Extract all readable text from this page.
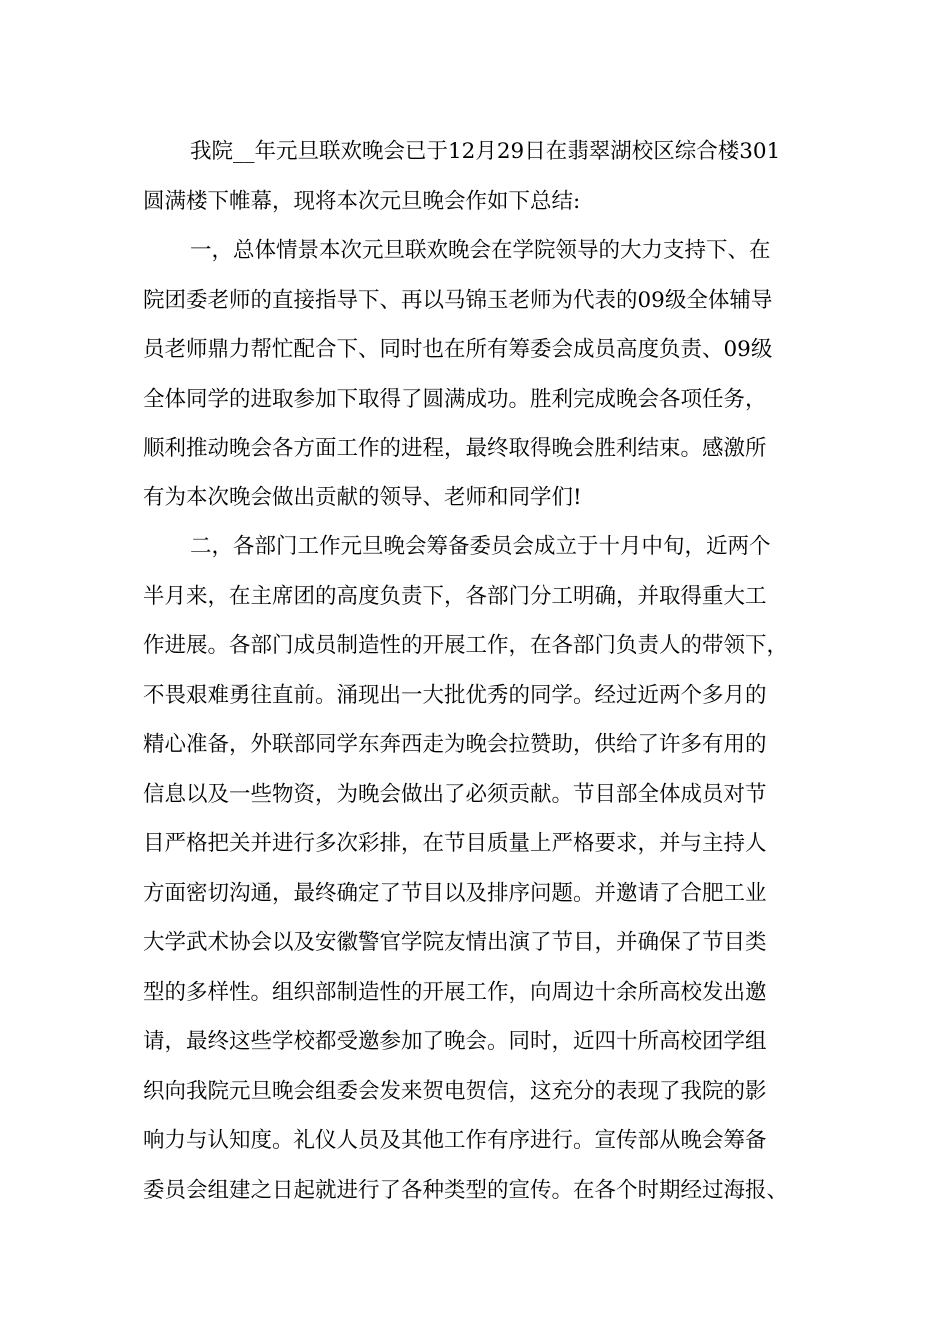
我院__年元旦联欢晚会已于12月29日在翡翠湖校区综合楼301
圆满楼下帷幕，现将本次元旦晚会作如下总结:
一，总体情景本次元旦联欢晚会在学院领导的大力支持下、在
院团委老师的直接指导下、再以马锦玉老师为代表的09级全体辅导
员老师鼎力帮忙配合下、同时也在所有筹委会成员高度负责、09级
全体同学的进取参加下取得了圆满成功。胜利完成晚会各项任务，
顺利推动晚会各方面工作的进程，最终取得晚会胜利结束。感激所
有为本次晚会做出贡献的领导、老师和同学们!
二，各部门工作元旦晚会筹备委员会成立于十月中旬，近两个
半月来，在主席团的高度负责下，各部门分工明确，并取得重大工
作进展。各部门成员制造性的开展工作，在各部门负责人的带领下，
不畏艰难勇往直前。涌现出一大批优秀的同学。经过近两个多月的
精心准备，外联部同学东奔西走为晚会拉赞助，供给了许多有用的
信息以及一些物资，为晚会做出了必须贡献。节目部全体成员对节
目严格把关并进行多次彩排，在节目质量上严格要求，并与主持人
方面密切沟通，最终确定了节目以及排序问题。并邀请了合肥工业
大学武术协会以及安徽警官学院友情出演了节目，并确保了节目类
型的多样性。组织部制造性的开展工作，向周边十余所高校发出邀
请，最终这些学校都受邀参加了晚会。同时，近四十所高校团学组
织向我院元旦晚会组委会发来贺电贺信，这充分的表现了我院的影
响力与认知度。礼仪人员及其他工作有序进行。宣传部从晚会筹备
委员会组建之日起就进行了各种类型的宣传。在各个时期经过海报、
